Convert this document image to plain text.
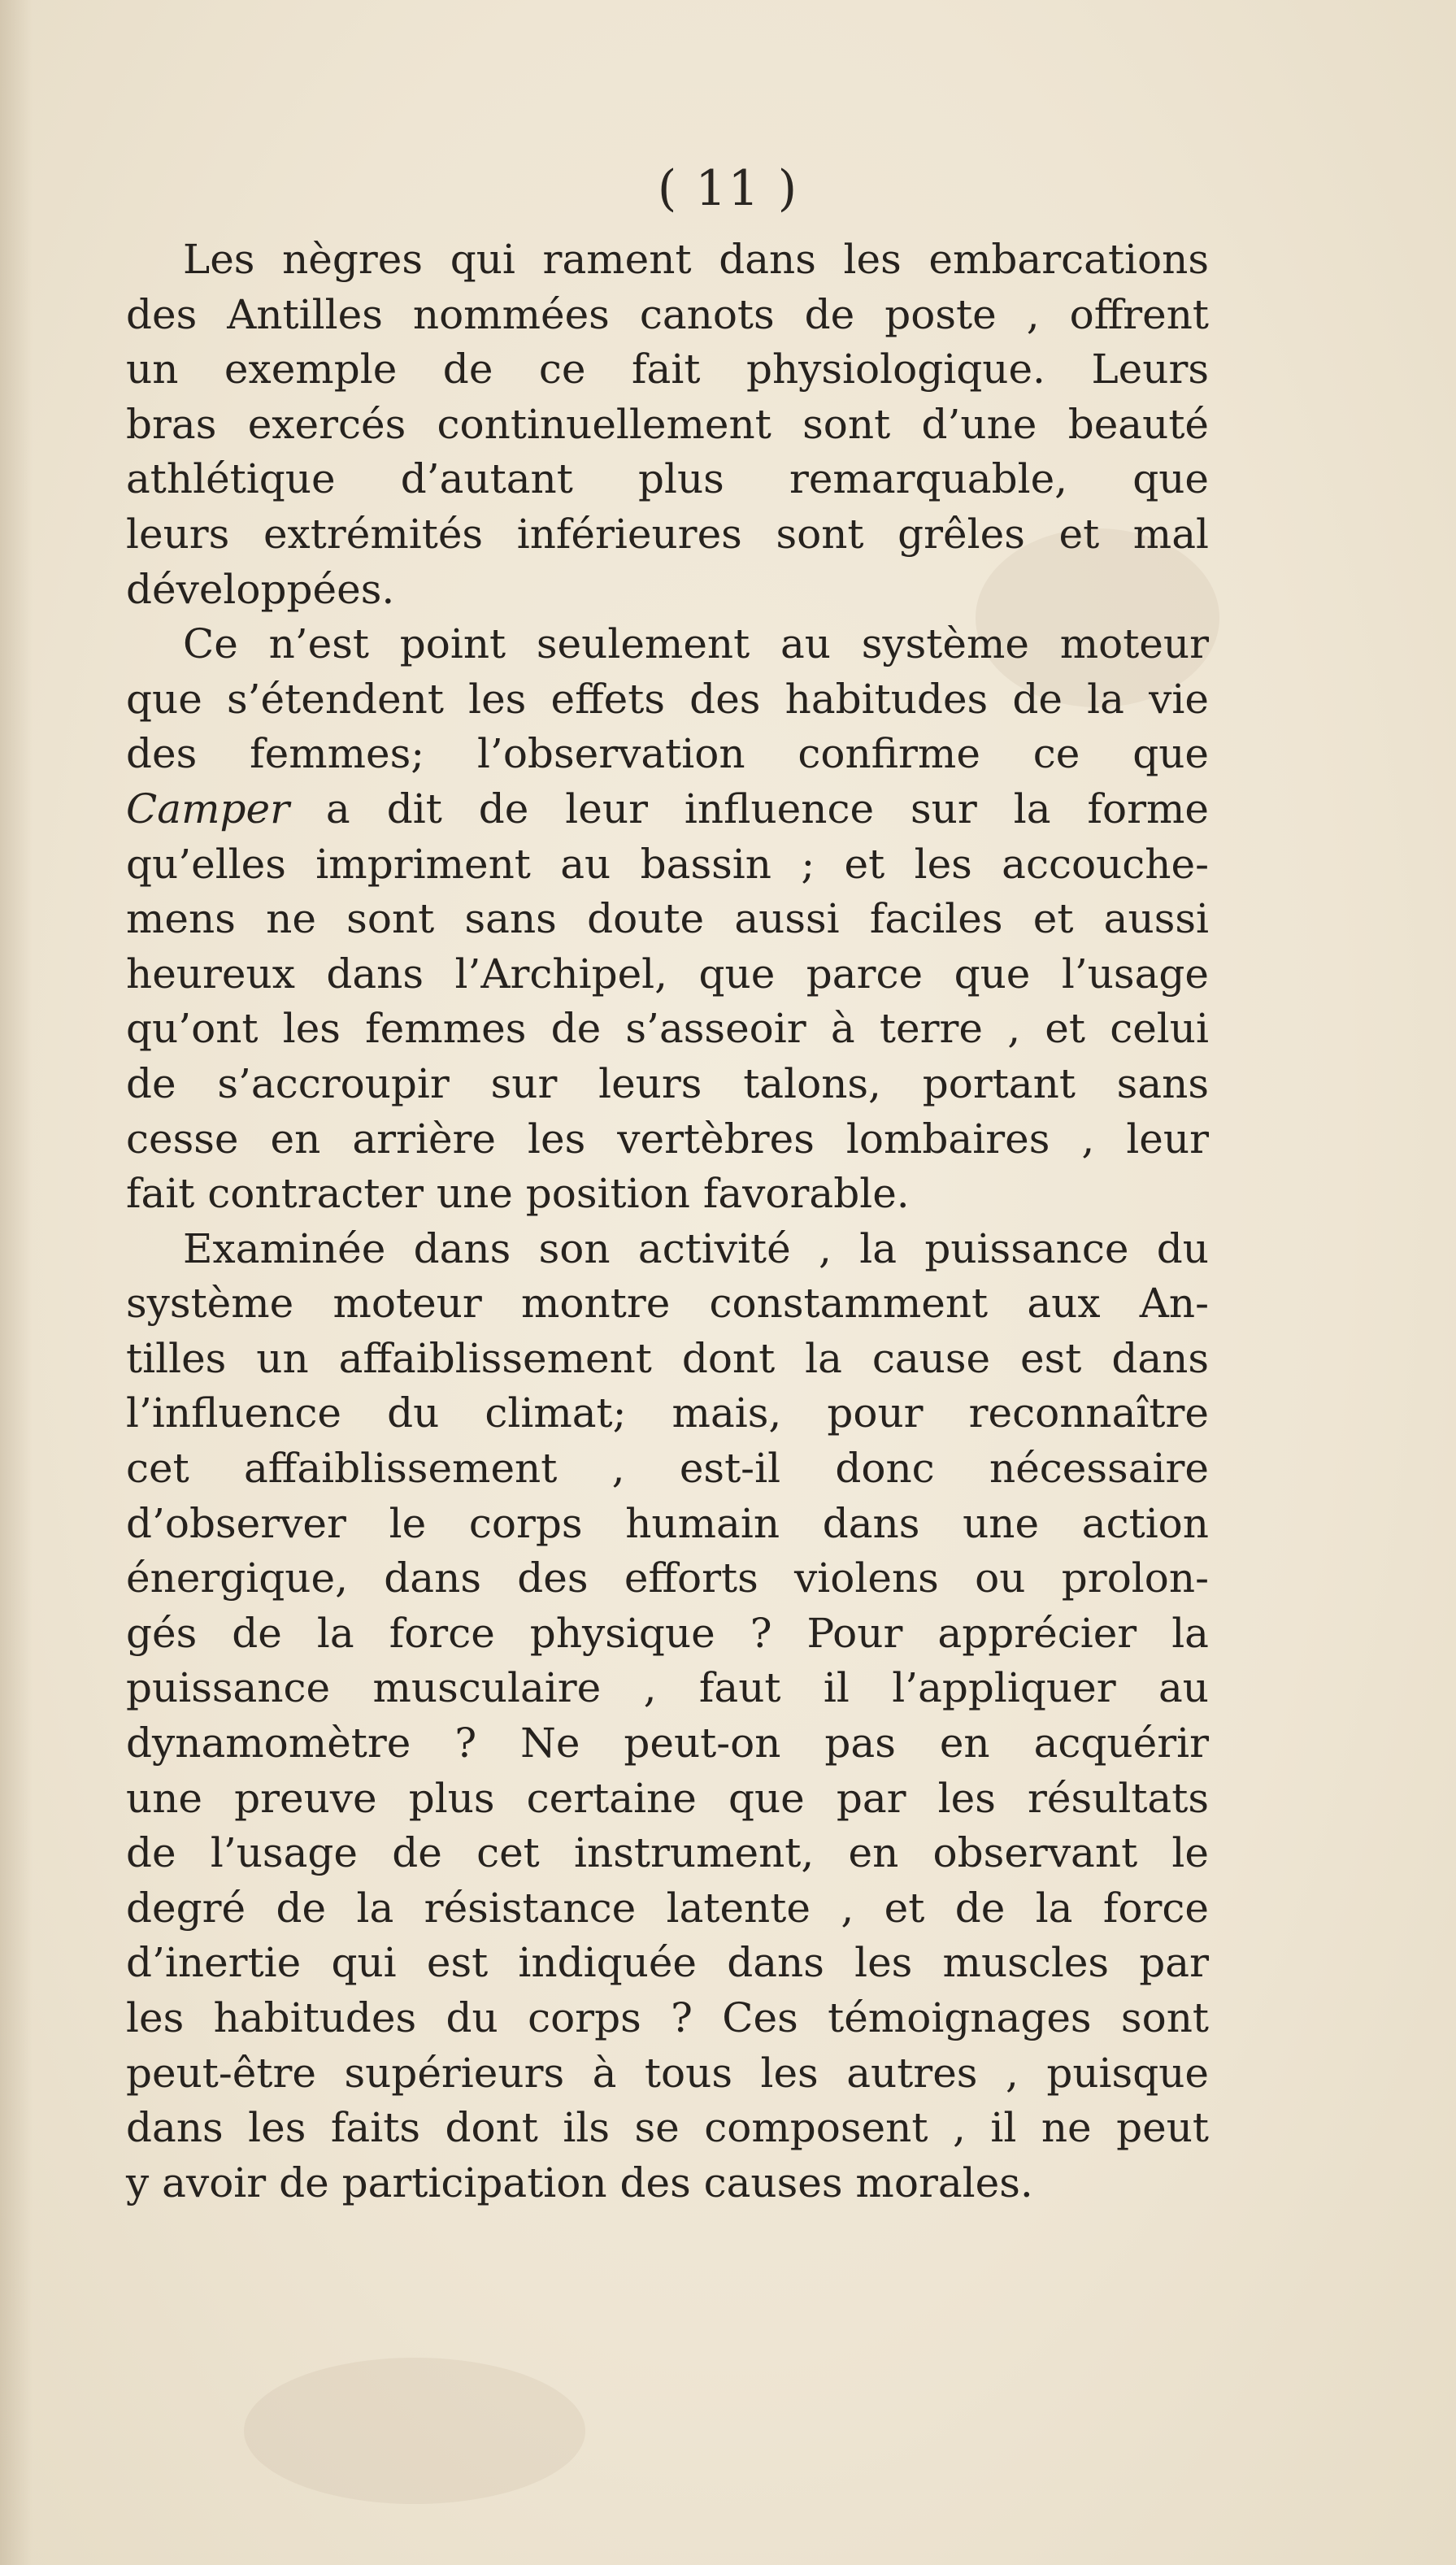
( 11 )
Les nègres qui rament dans les embarcations
des Antilles nommées canots de poste , offrent
un exemple de ce fait physiologique. Leurs
bras exercés continuellement sont d’une beauté
athlétique d’autant plus remarquable, que
leurs extrémités inférieures sont grêles et mal
développées.
Ce n’est point seulement au système moteur
que s’étendent les effets des habitudes de la vie
des femmes; l’observation confirme ce que
Camper a dit de leur influence sur la forme
qu’elles impriment au bassin ; et les accouche-
mens ne sont sans doute aussi faciles et aussi
heureux dans l’Archipel, que parce que l’usage
qu’ont les femmes de s’asseoir à terre , et celui
de s’accroupir sur leurs talons, portant sans
cesse en arrière les vertèbres lombaires , leur
fait contracter une position favorable.
Examinée dans son activité , la puissance du
système moteur montre constamment aux An-
tilles un affaiblissement dont la cause est dans
l’influence du climat; mais, pour reconnaître
cet affaiblissement , est-il donc nécessaire
d’observer le corps humain dans une action
énergique, dans des efforts violens ou prolon-
gés de la force physique ? Pour apprécier la
puissance musculaire , faut il l’appliquer au
dynamomètre ? Ne peut-on pas en acquérir
une preuve plus certaine que par les résultats
de l’usage de cet instrument, en observant le
degré de la résistance latente , et de la force
d’inertie qui est indiquée dans les muscles par
les habitudes du corps ? Ces témoignages sont
peut-être supérieurs à tous les autres , puisque
dans les faits dont ils se composent , il ne peut
y avoir de participation des causes morales.
